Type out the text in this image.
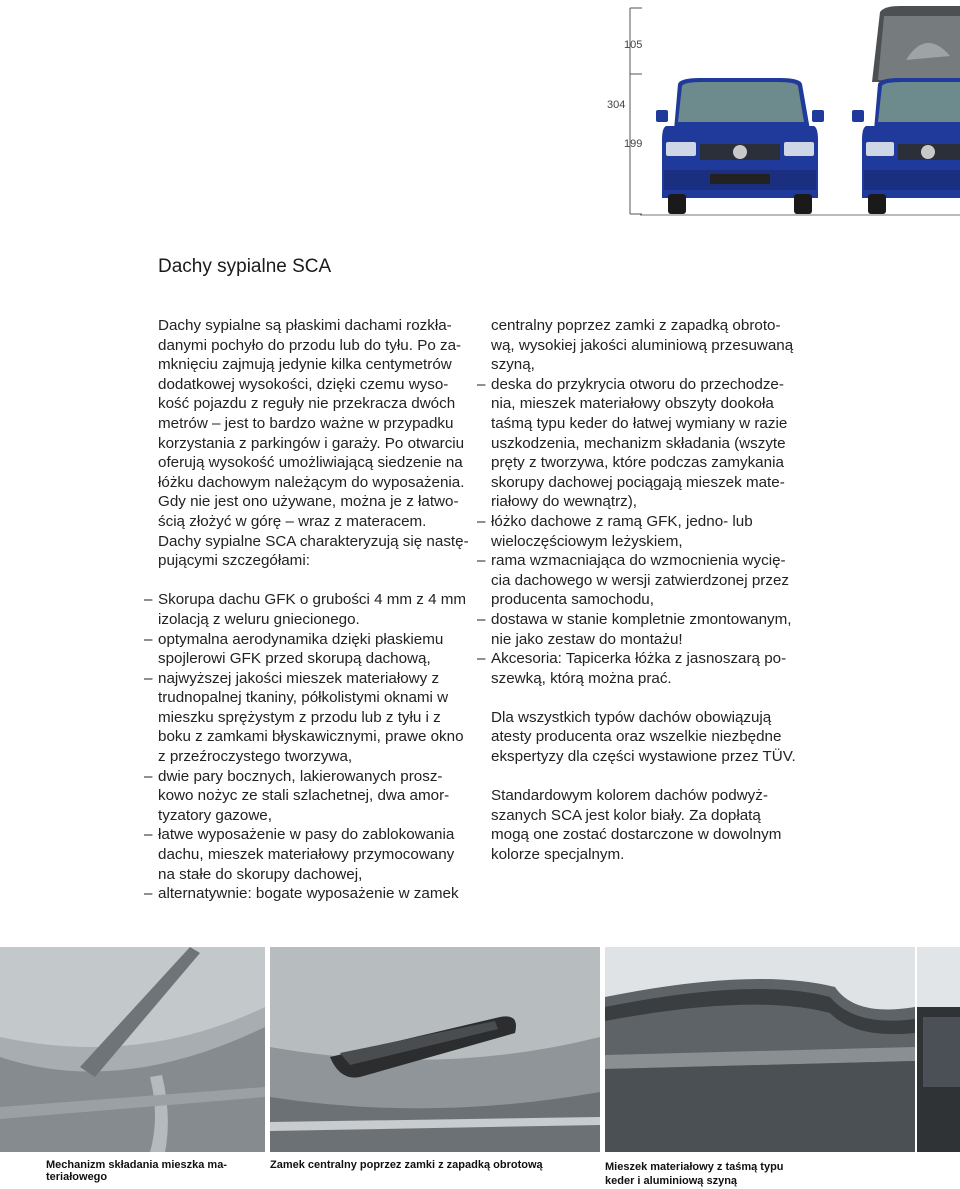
105
304
199
Dachy sypialne SCA

Dachy sypialne są płaskimi dachami rozkła-

danymi pochyło do przodu lub do tyłu. Po za-

mknięciu zajmują jedynie kilka centymetrów

dodatkowej wysokości, dzięki czemu wyso-

kość pojazdu z reguły nie przekracza dwóch

metrów – jest to bardzo ważne w przypadku

korzystania z parkingów i garaży. Po otwarciu

oferują wysokość umożliwiającą siedzenie na

łóżku dachowym należącym do wyposażenia.

Gdy nie jest ono używane, można je z łatwo-

ścią złożyć w górę – wraz z materacem.

Dachy sypialne SCA charakteryzują się nastę-

pującymi szczegółami:

– Skorupa dachu GFK o grubości 4 mm z 4 mm

izolacją z weluru gniecionego.

– optymalna aerodynamika dzięki płaskiemu

spojlerowi GFK przed skorupą dachową,

– najwyższej jakości mieszek materiałowy z

trudnopalnej tkaniny, półkolistymi oknami w

mieszku sprężystym z przodu lub z tyłu i z

boku z zamkami błyskawicznymi, prawe okno

z przeźroczystego tworzywa,

– dwie pary bocznych, lakierowanych prosz-

kowo nożyc ze stali szlachetnej, dwa amor-

tyzatory gazowe,

– łatwe wyposażenie w pasy do zablokowania

dachu, mieszek materiałowy przymocowany

na stałe do skorupy dachowej,

– alternatywnie: bogate wyposażenie w zamek

centralny poprzez zamki z zapadką obroto-

wą, wysokiej jakości aluminiową przesuwaną

szyną,

– deska do przykrycia otworu do przechodze-

nia, mieszek materiałowy obszyty dookoła

taśmą typu keder do łatwej wymiany w razie

uszkodzenia, mechanizm składania (wszyte

pręty z tworzywa, które podczas zamykania

skorupy dachowej pociągają mieszek mate-

riałowy do wewnątrz),

– łóżko dachowe z ramą GFK, jedno- lub

wieloczęściowym leżyskiem,

– rama wzmacniająca do wzmocnienia wycię-

cia dachowego w wersji zatwierdzonej przez

producenta samochodu,

– dostawa w stanie kompletnie zmontowanym,

nie jako zestaw do montażu!

– Akcesoria: Tapicerka łóżka z jasnoszarą po-

szewką, którą można prać.

Dla wszystkich typów dachów obowiązują

atesty producenta oraz wszelkie niezbędne

ekspertyzy dla części wystawione przez TÜV.

Standardowym kolorem dachów podwyż-

szanych SCA jest kolor biały. Za dopłatą

mogą one zostać dostarczone w dowolnym

kolorze specjalnym.

Mechanizm składania mieszka ma-
teriałowego
Zamek centralny poprzez zamki z zapadką obrotową	Mieszek materiałowy z taśmą typu
keder i aluminiową szyną
